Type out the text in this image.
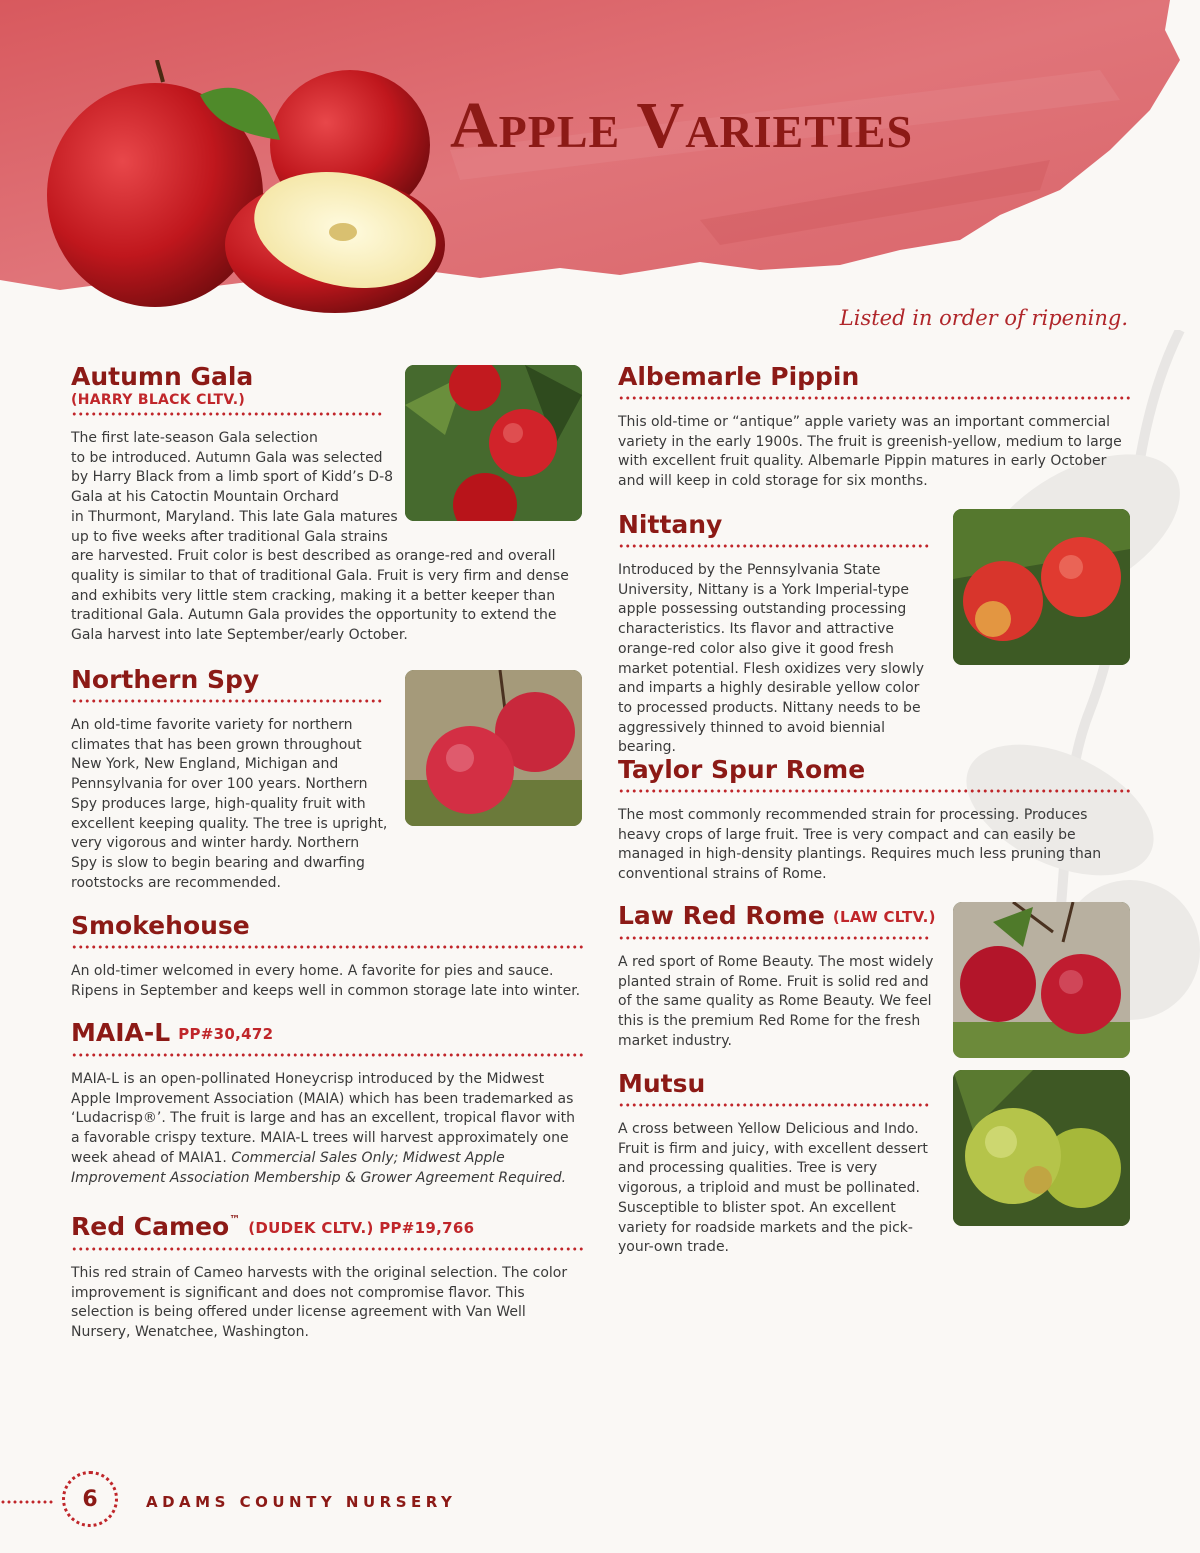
Apple Varieties
Listed in order of ripening.
Autumn Gala
(HARRY BLACK CLTV.)
The first late-season Gala selection
to be introduced. Autumn Gala was selected
by Harry Black from a limb sport of Kidd’s D-8
Gala at his Catoctin Mountain Orchard
in Thurmont, Maryland. This late Gala matures
up to five weeks after traditional Gala strains
are harvested. Fruit color is best described as orange-red and overall quality is similar to that of traditional Gala. Fruit is very firm and dense and exhibits very little stem cracking, making it a better keeper than traditional Gala. Autumn Gala provides the opportunity to extend the Gala harvest into late September/early October.
Northern Spy
An old-time favorite variety for northern climates that has been grown throughout New York, New England, Michigan and Pennsylvania for over 100 years. Northern Spy produces large, high-quality fruit with excellent keeping quality. The tree is upright, very vigorous and winter hardy. Northern Spy is slow to begin bearing and dwarfing rootstocks are recommended.
Smokehouse
An old-timer welcomed in every home. A favorite for pies and sauce. Ripens in September and keeps well in common storage late into winter.
MAIA-L PP#30,472
MAIA-L is an open-pollinated Honeycrisp introduced by the Midwest Apple Improvement Association (MAIA) which has been trademarked as ‘Ludacrisp®’. The fruit is large and has an excellent, tropical flavor with a favorable crispy texture. MAIA-L trees will harvest approximately one week ahead of MAIA1. Commercial Sales Only; Midwest Apple Improvement Association Membership & Grower Agreement Required.
Red Cameo™ (DUDEK CLTV.) PP#19,766
This red strain of Cameo harvests with the original selection. The color improvement is significant and does not compromise flavor. This selection is being offered under license agreement with Van Well Nursery, Wenatchee, Washington.
Albemarle Pippin
This old-time or “antique” apple variety was an important commercial variety in the early 1900s. The fruit is greenish-yellow, medium to large with excellent fruit quality. Albemarle Pippin matures in early October and will keep in cold storage for six months.
Nittany
Introduced by the Pennsylvania State University, Nittany is a York Imperial-type apple possessing outstanding processing characteristics. Its flavor and attractive orange-red color also give it good fresh market potential. Flesh oxidizes very slowly and imparts a highly desirable yellow color to processed products. Nittany needs to be aggressively thinned to avoid biennial bearing.
Taylor Spur Rome
The most commonly recommended strain for processing. Produces heavy crops of large fruit. Tree is very compact and can easily be managed in high-density plantings. Requires much less pruning than conventional strains of Rome.
Law Red Rome (LAW CLTV.)
A red sport of Rome Beauty. The most widely planted strain of Rome. Fruit is solid red and of the same quality as Rome Beauty. We feel this is the premium Red Rome for the fresh market industry.
Mutsu
A cross between Yellow Delicious and Indo. Fruit is firm and juicy, with excellent dessert and processing qualities. Tree is very vigorous, a triploid and must be pollinated. Susceptible to blister spot. An excellent variety for roadside markets and the pick-your-own trade.
6	ADAMS COUNTY NURSERY
